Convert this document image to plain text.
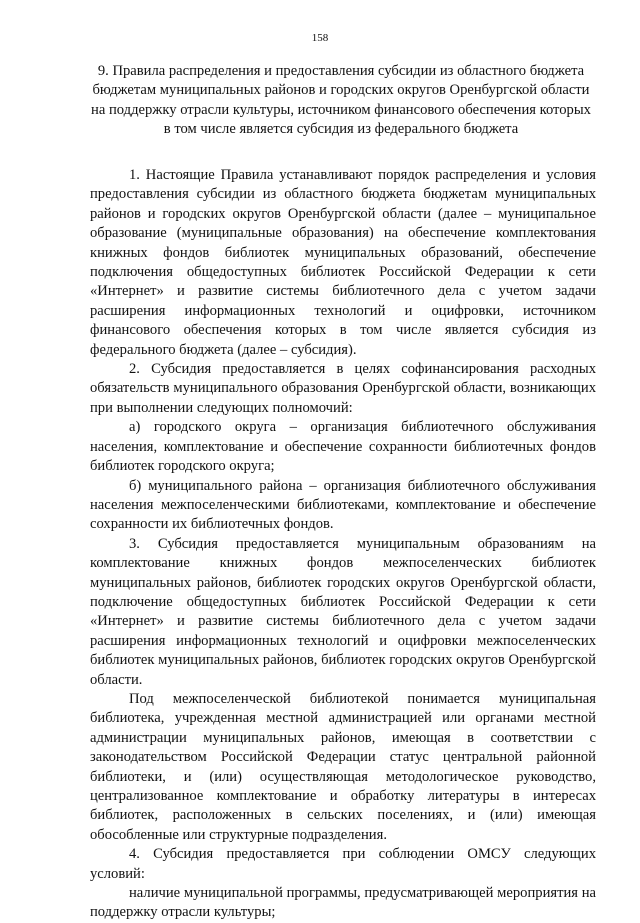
158
9. Правила распределения и предоставления субсидии из областного бюджета бюджетам муниципальных районов и городских округов Оренбургской области на поддержку отрасли культуры, источником финансового обеспечения которых в том числе является субсидия из федерального бюджета

1. Настоящие Правила устанавливают порядок распределения и условия предоставления субсидии из областного бюджета бюджетам муниципальных районов и городских округов Оренбургской области (далее – муниципальное образование (муниципальные образования) на обеспечение комплектования книжных фондов библиотек муниципальных образований, обеспечение подключения общедоступных библиотек Российской Федерации к сети «Интернет» и развитие системы библиотечного дела с учетом задачи расширения информационных технологий и оцифровки, источником финансового обеспечения которых в том числе является субсидия из федерального бюджета (далее – субсидия).

2. Субсидия предоставляется в целях софинансирования расходных обязательств муниципального образования Оренбургской области, возникающих при выполнении следующих полномочий:

а) городского округа – организация библиотечного обслуживания населения, комплектование и обеспечение сохранности библиотечных фондов библиотек городского округа;

б) муниципального района – организация библиотечного обслуживания населения межпоселенческими библиотеками, комплектование и обеспечение сохранности их библиотечных фондов.

3. Субсидия предоставляется муниципальным образованиям на комплектование книжных фондов межпоселенческих библиотек муниципальных районов, библиотек городских округов Оренбургской области, подключение общедоступных библиотек Российской Федерации к сети «Интернет» и развитие системы библиотечного дела с учетом задачи расширения информационных технологий и оцифровки межпоселенческих библиотек муниципальных районов, библиотек городских округов Оренбургской области.

Под межпоселенческой библиотекой понимается муниципальная библиотека, учрежденная местной администрацией или органами местной администрации муниципальных районов, имеющая в соответствии с законодательством Российской Федерации статус центральной районной библиотеки, и (или) осуществляющая методологическое руководство, централизованное комплектование и обработку литературы в интересах библиотек, расположенных в сельских поселениях, и (или) имеющая обособленные или структурные подразделения.

4. Субсидия предоставляется при соблюдении ОМСУ следующих условий:

наличие муниципальной программы, предусматривающей мероприятия на поддержку отрасли культуры;
